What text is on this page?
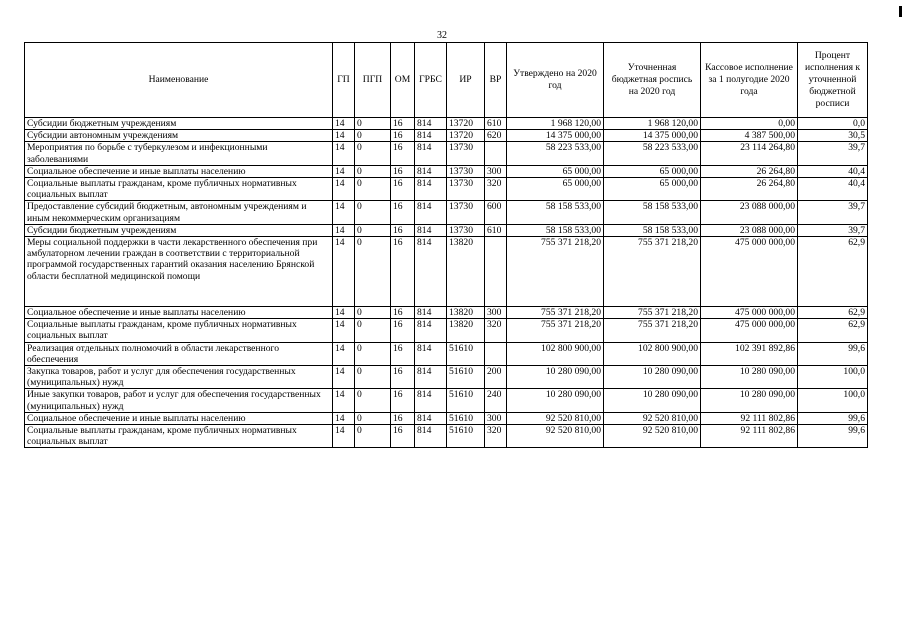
32
Наименование	ГП	ПГП	ОМ	ГРБС	ИР	ВР	Утверждено на 2020 год	Уточненная бюджетная роспись на 2020 год	Кассовое исполнение за 1 полугодие 2020 года	Процент исполнения к уточненной бюджетной росписи
Субсидии бюджетным учреждениям	14	0	16	814	13720	610	1 968 120,00	1 968 120,00	0,00	0,0
Субсидии автономным учреждениям	14	0	16	814	13720	620	14 375 000,00	14 375 000,00	4 387 500,00	30,5
Мероприятия по борьбе с туберкулезом и инфекционными заболеваниями	14	0	16	814	13730		58 223 533,00	58 223 533,00	23 114 264,80	39,7
Социальное обеспечение и иные выплаты населению	14	0	16	814	13730	300	65 000,00	65 000,00	26 264,80	40,4
Социальные выплаты гражданам, кроме публичных нормативных социальных выплат	14	0	16	814	13730	320	65 000,00	65 000,00	26 264,80	40,4
Предоставление субсидий бюджетным, автономным учреждениям и иным некоммерческим организациям	14	0	16	814	13730	600	58 158 533,00	58 158 533,00	23 088 000,00	39,7
Субсидии бюджетным учреждениям	14	0	16	814	13730	610	58 158 533,00	58 158 533,00	23 088 000,00	39,7
Меры социальной поддержки в части лекарственного обеспечения при амбулаторном лечении граждан в соответствии с территориальной программой государственных гарантий оказания населению Брянской области бесплатной медицинской помощи	14	0	16	814	13820		755 371 218,20	755 371 218,20	475 000 000,00	62,9
Социальное обеспечение и иные выплаты населению	14	0	16	814	13820	300	755 371 218,20	755 371 218,20	475 000 000,00	62,9
Социальные выплаты гражданам, кроме публичных нормативных социальных выплат	14	0	16	814	13820	320	755 371 218,20	755 371 218,20	475 000 000,00	62,9
Реализация отдельных полномочий в области лекарственного обеспечения	14	0	16	814	51610		102 800 900,00	102 800 900,00	102 391 892,86	99,6
Закупка товаров, работ и услуг для обеспечения государственных (муниципальных) нужд	14	0	16	814	51610	200	10 280 090,00	10 280 090,00	10 280 090,00	100,0
Иные закупки товаров, работ и услуг для обеспечения государственных (муниципальных) нужд	14	0	16	814	51610	240	10 280 090,00	10 280 090,00	10 280 090,00	100,0
Социальное обеспечение и иные выплаты населению	14	0	16	814	51610	300	92 520 810,00	92 520 810,00	92 111 802,86	99,6
Социальные выплаты гражданам, кроме публичных нормативных социальных выплат	14	0	16	814	51610	320	92 520 810,00	92 520 810,00	92 111 802,86	99,6
